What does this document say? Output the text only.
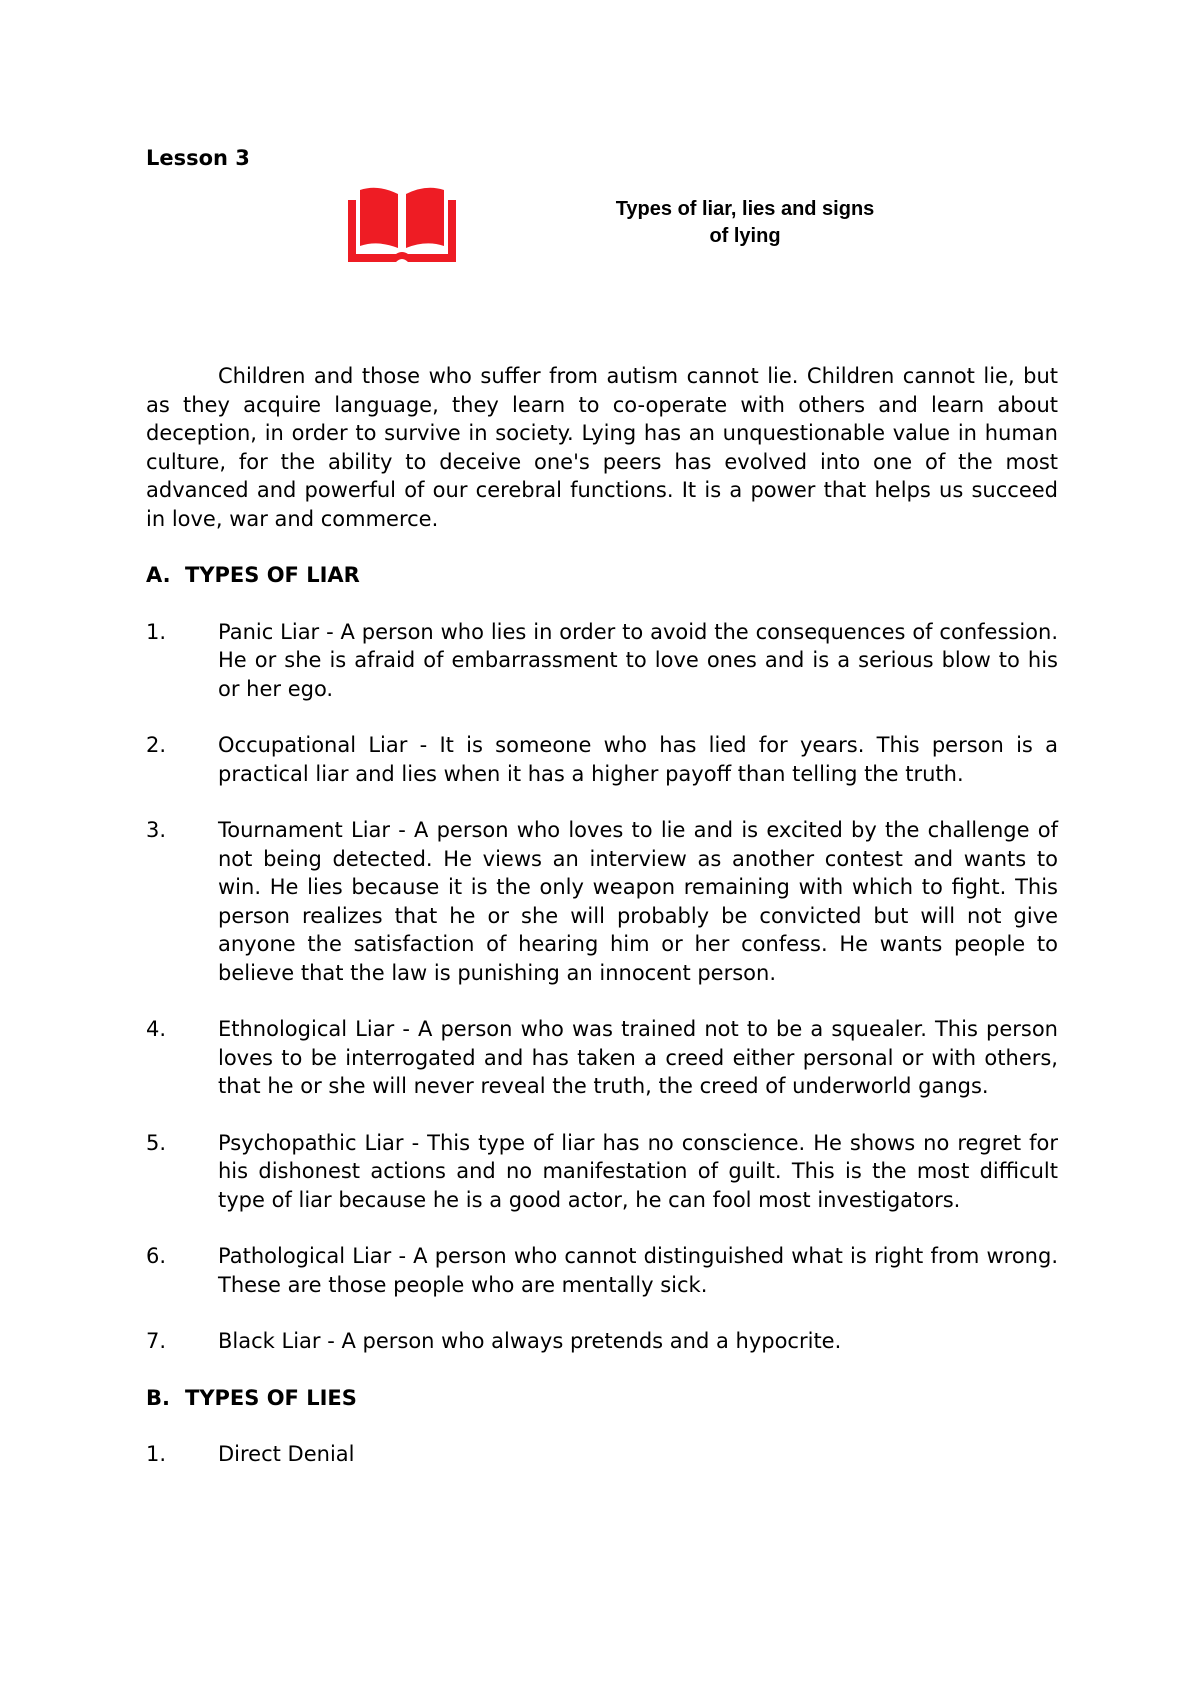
Lesson 3

Types of liar, lies and signs
of lying

Children and those who suffer from autism cannot lie. Children cannot lie, but as they acquire language, they learn to co-operate with others and learn about deception, in order to survive in society. Lying has an unquestionable value in human culture, for the ability to deceive one's peers has evolved into one of the most advanced and powerful of our cerebral functions. It is a power that helps us succeed in love, war and commerce.

A. TYPES OF LIAR
1.	Panic Liar - A person who lies in order to avoid the consequences of confession. He or she is afraid of embarrassment to love ones and is a serious blow to his or her ego.
2.	Occupational Liar - It is someone who has lied for years. This person is a practical liar and lies when it has a higher payoff than telling the truth.
3.	Tournament Liar - A person who loves to lie and is excited by the challenge of not being detected. He views an interview as another contest and wants to win. He lies because it is the only weapon remaining with which to fight. This person realizes that he or she will probably be convicted but will not give anyone the satisfaction of hearing him or her confess. He wants people to believe that the law is punishing an innocent person.
4.	Ethnological Liar - A person who was trained not to be a squealer. This person loves to be interrogated and has taken a creed either personal or with others, that he or she will never reveal the truth, the creed of underworld gangs.
5.	Psychopathic Liar - This type of liar has no conscience. He shows no regret for his dishonest actions and no manifestation of guilt. This is the most difficult type of liar because he is a good actor, he can fool most investigators.
6.	Pathological Liar - A person who cannot distinguished what is right from wrong. These are those people who are mentally sick.
7.	Black Liar - A person who always pretends and a hypocrite.
B. TYPES OF LIES
1.	Direct Denial
